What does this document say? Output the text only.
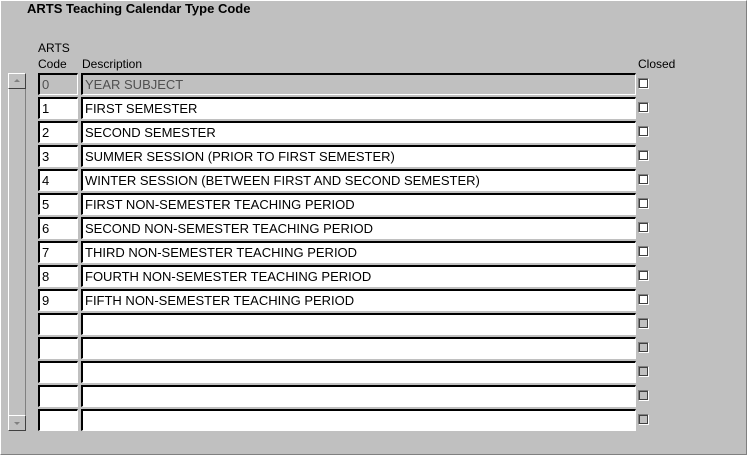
ARTS Teaching Calendar Type Code
ARTS
Code Description	Closed
0	YEAR SUBJECT
1	FIRST SEMESTER
2	SECOND SEMESTER
3	SUMMER SESSION (PRIOR TO FIRST SEMESTER)
4	WINTER SESSION (BETWEEN FIRST AND SECOND SEMESTER)
5	FIRST NON-SEMESTER TEACHING PERIOD
6	SECOND NON-SEMESTER TEACHING PERIOD
7	THIRD NON-SEMESTER TEACHING PERIOD
8	FOURTH NON-SEMESTER TEACHING PERIOD
9	FIFTH NON-SEMESTER TEACHING PERIOD
